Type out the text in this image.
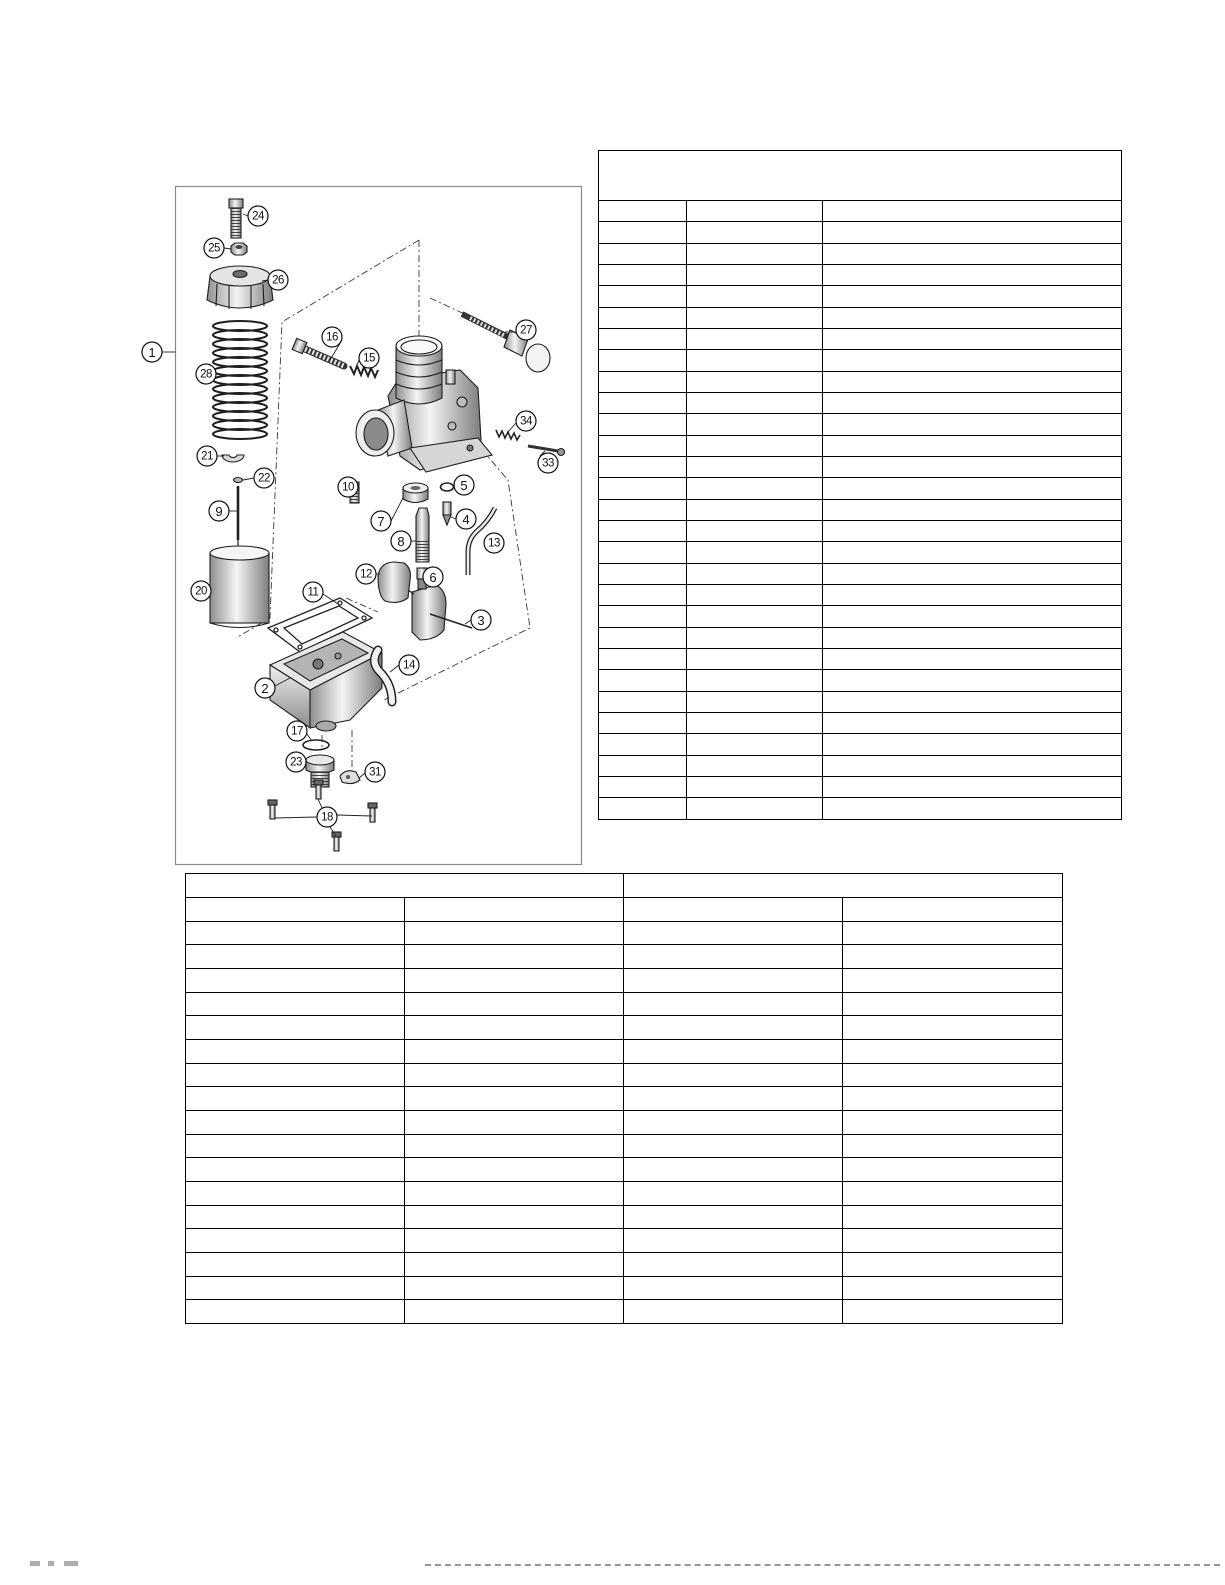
1
2
3
4
5
6
7
8
9
10
11
12
13
14
15
16
17
18
20
21
22
23
24
25
26
27
28
31
33
34
